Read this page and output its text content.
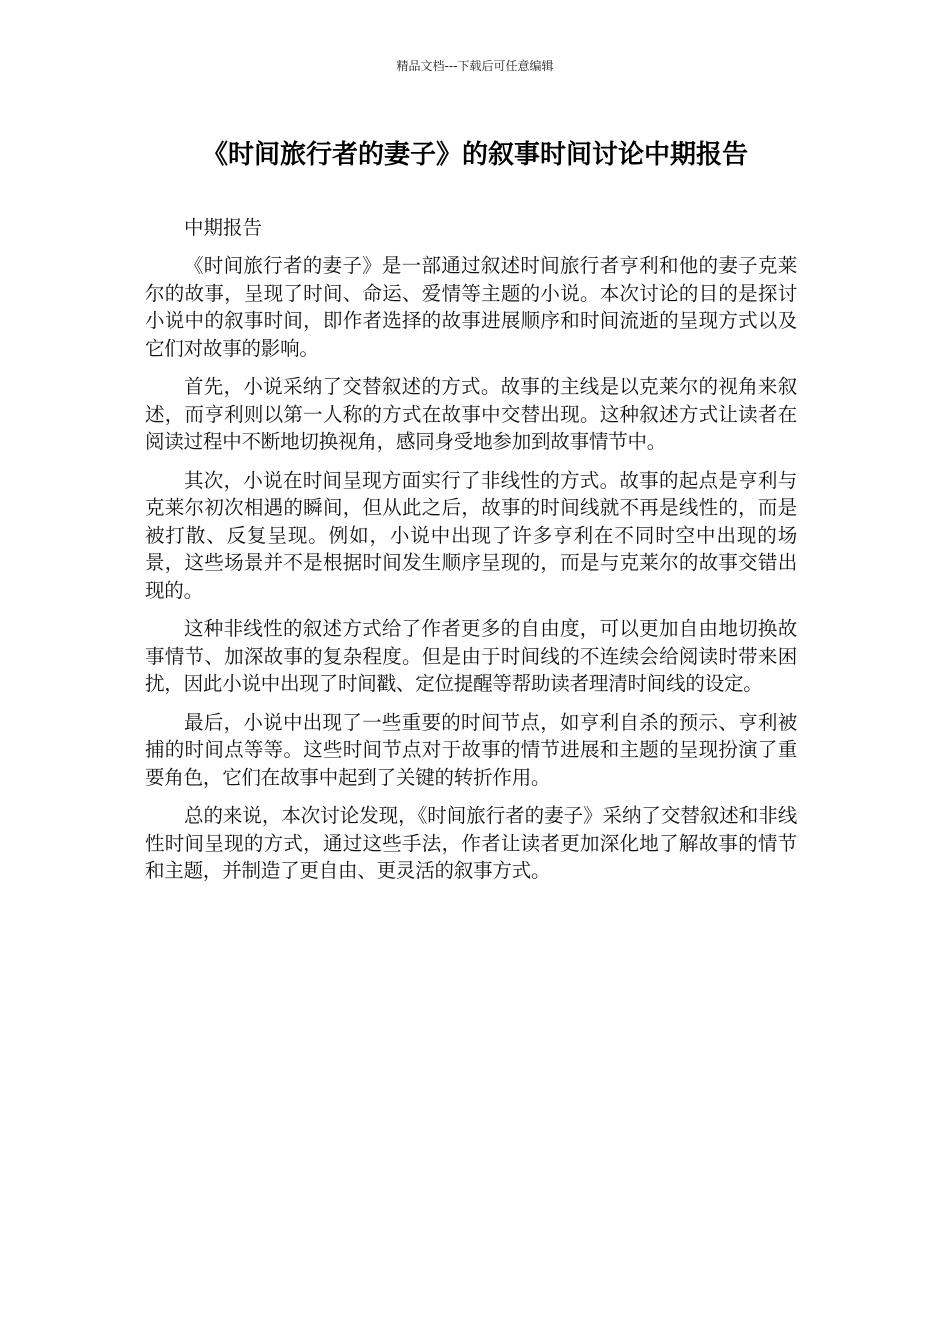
精品文档---下载后可任意编辑
《时间旅行者的妻子》的叙事时间讨论中期报告

中期报告

《时间旅行者的妻子》是一部通过叙述时间旅行者亨利和他的妻子克莱尔的故事，呈现了时间、命运、爱情等主题的小说。本次讨论的目的是探讨小说中的叙事时间，即作者选择的故事进展顺序和时间流逝的呈现方式以及它们对故事的影响。

首先，小说采纳了交替叙述的方式。故事的主线是以克莱尔的视角来叙述，而亨利则以第一人称的方式在故事中交替出现。这种叙述方式让读者在阅读过程中不断地切换视角，感同身受地参加到故事情节中。

其次，小说在时间呈现方面实行了非线性的方式。故事的起点是亨利与克莱尔初次相遇的瞬间，但从此之后，故事的时间线就不再是线性的，而是被打散、反复呈现。例如，小说中出现了许多亨利在不同时空中出现的场景，这些场景并不是根据时间发生顺序呈现的，而是与克莱尔的故事交错出现的。

这种非线性的叙述方式给了作者更多的自由度，可以更加自由地切换故事情节、加深故事的复杂程度。但是由于时间线的不连续会给阅读时带来困扰，因此小说中出现了时间戳、定位提醒等帮助读者理清时间线的设定。

最后，小说中出现了一些重要的时间节点，如亨利自杀的预示、亨利被捕的时间点等等。这些时间节点对于故事的情节进展和主题的呈现扮演了重要角色，它们在故事中起到了关键的转折作用。

总的来说，本次讨论发现，《时间旅行者的妻子》采纳了交替叙述和非线性时间呈现的方式，通过这些手法，作者让读者更加深化地了解故事的情节和主题，并制造了更自由、更灵活的叙事方式。
